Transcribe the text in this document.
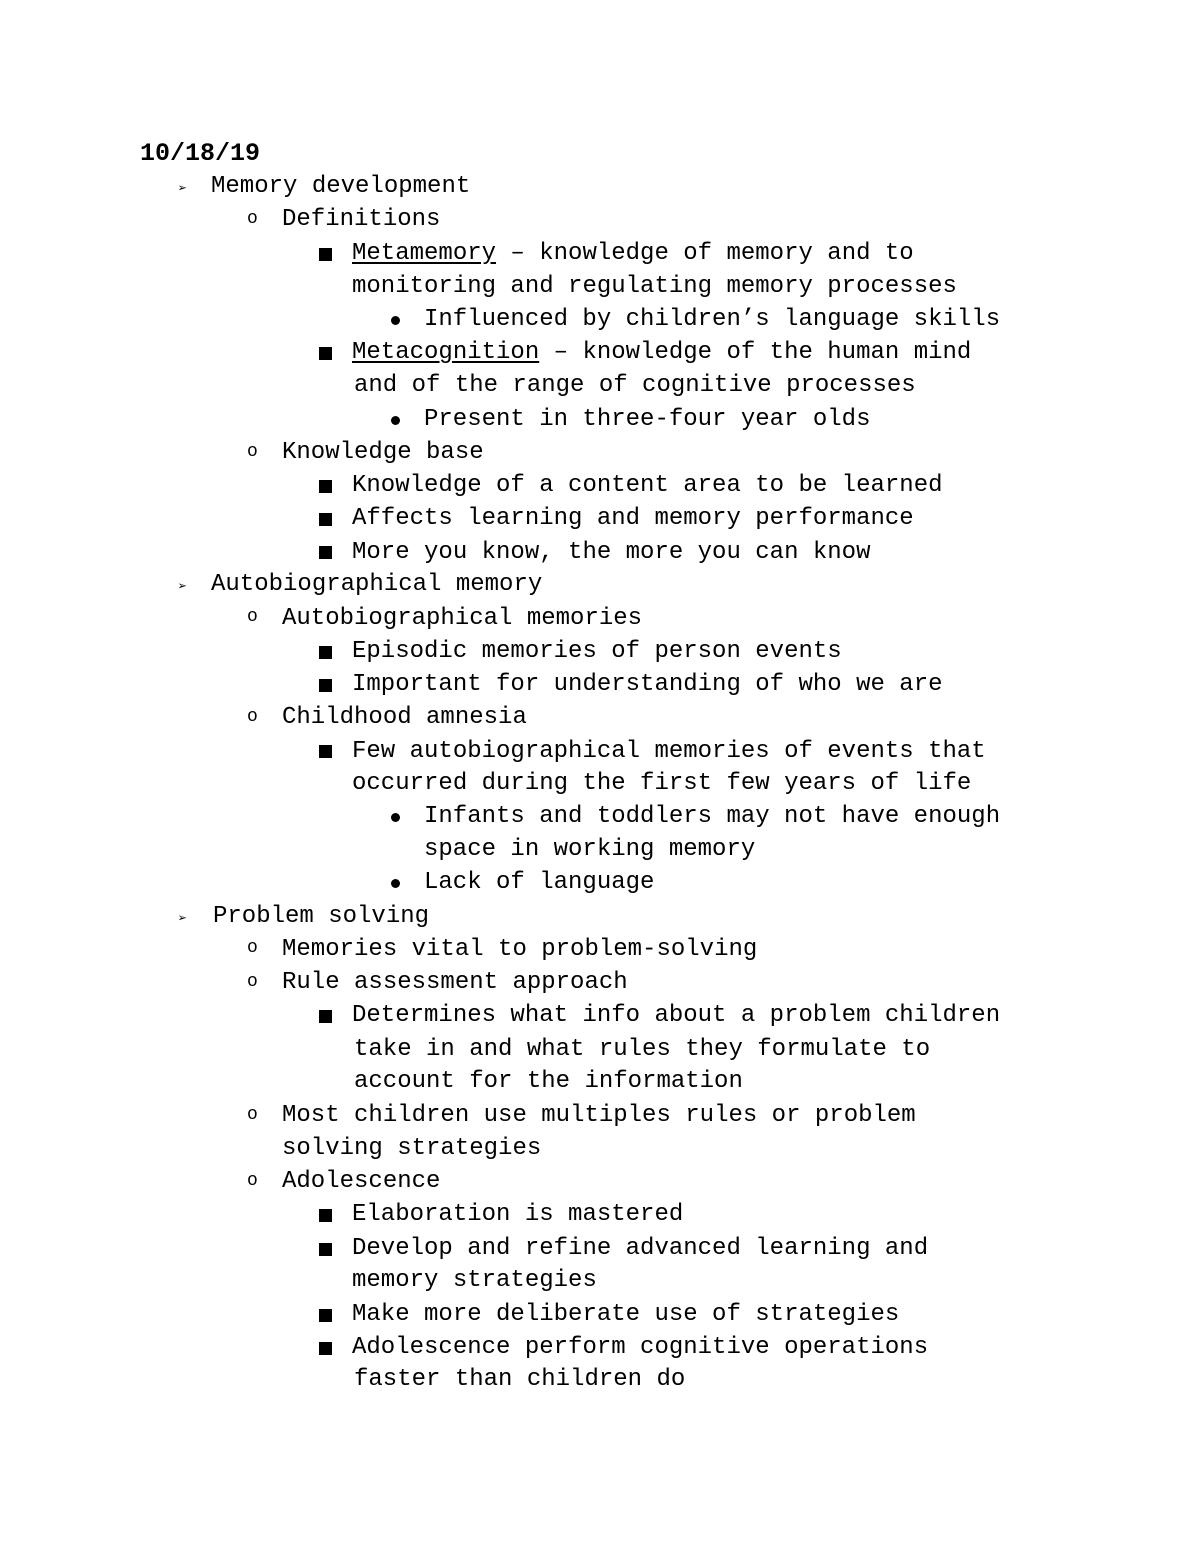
10/18/19
➢ Memory development
o Definitions
Metamemory – knowledge of memory and to
monitoring and regulating memory processes
Influenced by children’s language skills
Metacognition – knowledge of the human mind
and of the range of cognitive processes
Present in three-four year olds
o Knowledge base
Knowledge of a content area to be learned
Affects learning and memory performance
More you know, the more you can know
➢ Autobiographical memory
o Autobiographical memories
Episodic memories of person events
Important for understanding of who we are
o Childhood amnesia
Few autobiographical memories of events that
occurred during the first few years of life
Infants and toddlers may not have enough
space in working memory
Lack of language
➢ Problem solving
o Memories vital to problem-solving
o Rule assessment approach
Determines what info about a problem children
take in and what rules they formulate to
account for the information
o Most children use multiples rules or problem
solving strategies
o Adolescence
Elaboration is mastered
Develop and refine advanced learning and
memory strategies
Make more deliberate use of strategies
Adolescence perform cognitive operations
faster than children do
